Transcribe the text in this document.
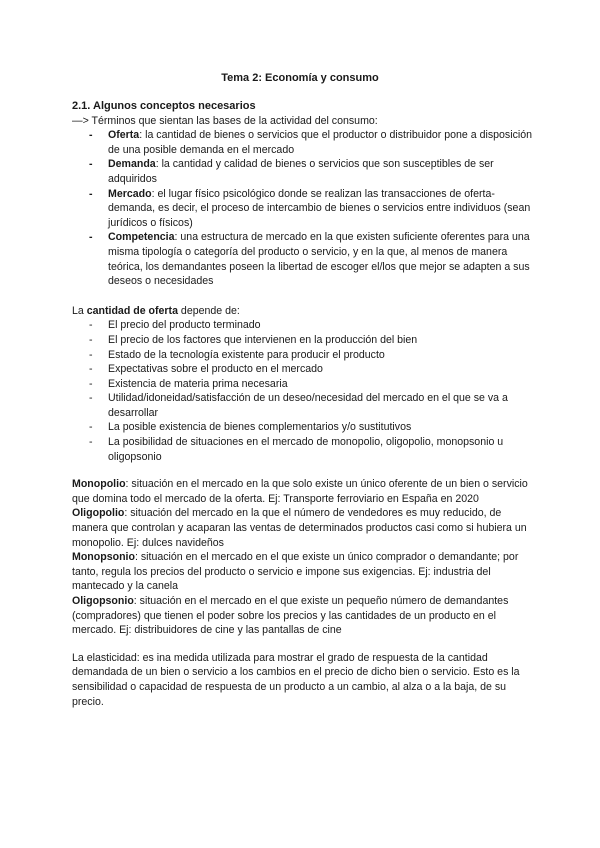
Tema 2: Economía y consumo
2.1. Algunos conceptos necesarios

—> Términos que sientan las bases de la actividad del consumo:

- Oferta: la cantidad de bienes o servicios que el productor o distribuidor pone a disposición de una posible demanda en el mercado
- Demanda: la cantidad y calidad de bienes o servicios que son susceptibles de ser adquiridos
- Mercado: el lugar físico psicológico donde se realizan las transacciones de oferta-demanda, es decir, el proceso de intercambio de bienes o servicios entre individuos (sean jurídicos o físicos)
- Competencia: una estructura de mercado en la que existen suficiente oferentes para una misma tipología o categoría del producto o servicio, y en la que, al menos de manera teórica, los demandantes poseen la libertad de escoger el/los que mejor se adapten a sus deseos o necesidades

La cantidad de oferta depende de:

- El precio del producto terminado
- El precio de los factores que intervienen en la producción del bien
- Estado de la tecnología existente para producir el producto
- Expectativas sobre el producto en el mercado
- Existencia de materia prima necesaria
- Utilidad/idoneidad/satisfacción de un deseo/necesidad del mercado en el que se va a desarrollar
- La posible existencia de bienes complementarios y/o sustitutivos
- La posibilidad de situaciones en el mercado de monopolio, oligopolio, monopsonio u oligopsonio

Monopolio: situación en el mercado en la que solo existe un único oferente de un bien o servicio que domina todo el mercado de la oferta. Ej: Transporte ferroviario en España en 2020

Oligopolio: situación del mercado en la que el número de vendedores es muy reducido, de manera que controlan y acaparan las ventas de determinados productos casi como si hubiera un monopolio. Ej: dulces navideños

Monopsonio: situación en el mercado en el que existe un único comprador o demandante; por tanto, regula los precios del producto o servicio e impone sus exigencias. Ej: industria del mantecado y la canela

Oligopsonio: situación en el mercado en el que existe un pequeño número de demandantes (compradores) que tienen el poder sobre los precios y las cantidades de un producto en el mercado. Ej: distribuidores de cine y las pantallas de cine

La elasticidad: es ina medida utilizada para mostrar el grado de respuesta de la cantidad demandada de un bien o servicio a los cambios en el precio de dicho bien o servicio. Esto es la sensibilidad o capacidad de respuesta de un producto a un cambio, al alza o a la baja, de su precio.
